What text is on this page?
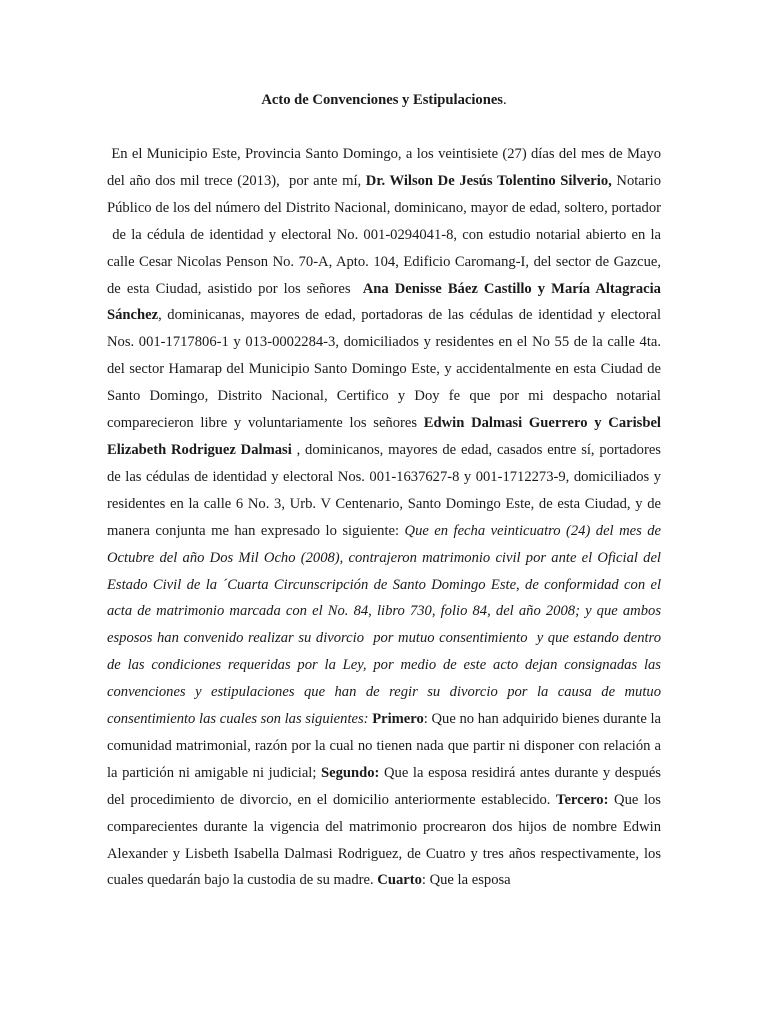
Acto de Convenciones y Estipulaciones.

En el Municipio Este, Provincia Santo Domingo, a los veintisiete (27) días del mes de Mayo del año dos mil trece (2013),  por ante mí, Dr. Wilson De Jesús Tolentino Silverio, Notario Público de los del número del Distrito Nacional, dominicano, mayor de edad, soltero, portador  de la cédula de identidad y electoral No. 001-0294041-8, con estudio notarial abierto en la calle Cesar Nicolas Penson No. 70-A, Apto. 104, Edificio Caromang-I, del sector de Gazcue, de esta Ciudad, asistido por los señores  Ana Denisse Báez Castillo y María Altagracia Sánchez, dominicanas, mayores de edad, portadoras de las cédulas de identidad y electoral Nos. 001-1717806-1 y 013-0002284-3, domiciliados y residentes en el No 55 de la calle 4ta. del sector Hamarap del Municipio Santo Domingo Este, y accidentalmente en esta Ciudad de Santo Domingo, Distrito Nacional, Certifico y Doy fe que por mi despacho notarial comparecieron libre y voluntariamente los señores Edwin Dalmasi Guerrero y Carisbel Elizabeth Rodriguez Dalmasi , dominicanos, mayores de edad, casados entre sí, portadores de las cédulas de identidad y electoral Nos. 001-1637627-8 y 001-1712273-9, domiciliados y residentes en la calle 6 No. 3, Urb. V Centenario, Santo Domingo Este, de esta Ciudad, y de manera conjunta me han expresado lo siguiente: Que en fecha veinticuatro (24) del mes de Octubre del año Dos Mil Ocho (2008), contrajeron matrimonio civil por ante el Oficial del Estado Civil de la ´Cuarta Circunscripción de Santo Domingo Este, de conformidad con el acta de matrimonio marcada con el No. 84, libro 730, folio 84, del año 2008; y que ambos esposos han convenido realizar su divorcio  por mutuo consentimiento  y que estando dentro de las condiciones requeridas por la Ley, por medio de este acto dejan consignadas las convenciones y estipulaciones que han de regir su divorcio por la causa de mutuo consentimiento las cuales son las siguientes: Primero: Que no han adquirido bienes durante la comunidad matrimonial, razón por la cual no tienen nada que partir ni disponer con relación a la partición ni amigable ni judicial; Segundo: Que la esposa residirá antes durante y después del procedimiento de divorcio, en el domicilio anteriormente establecido. Tercero: Que los comparecientes durante la vigencia del matrimonio procrearon dos hijos de nombre Edwin Alexander y Lisbeth Isabella Dalmasi Rodriguez, de Cuatro y tres años respectivamente, los cuales quedarán bajo la custodia de su madre. Cuarto: Que la esposa
